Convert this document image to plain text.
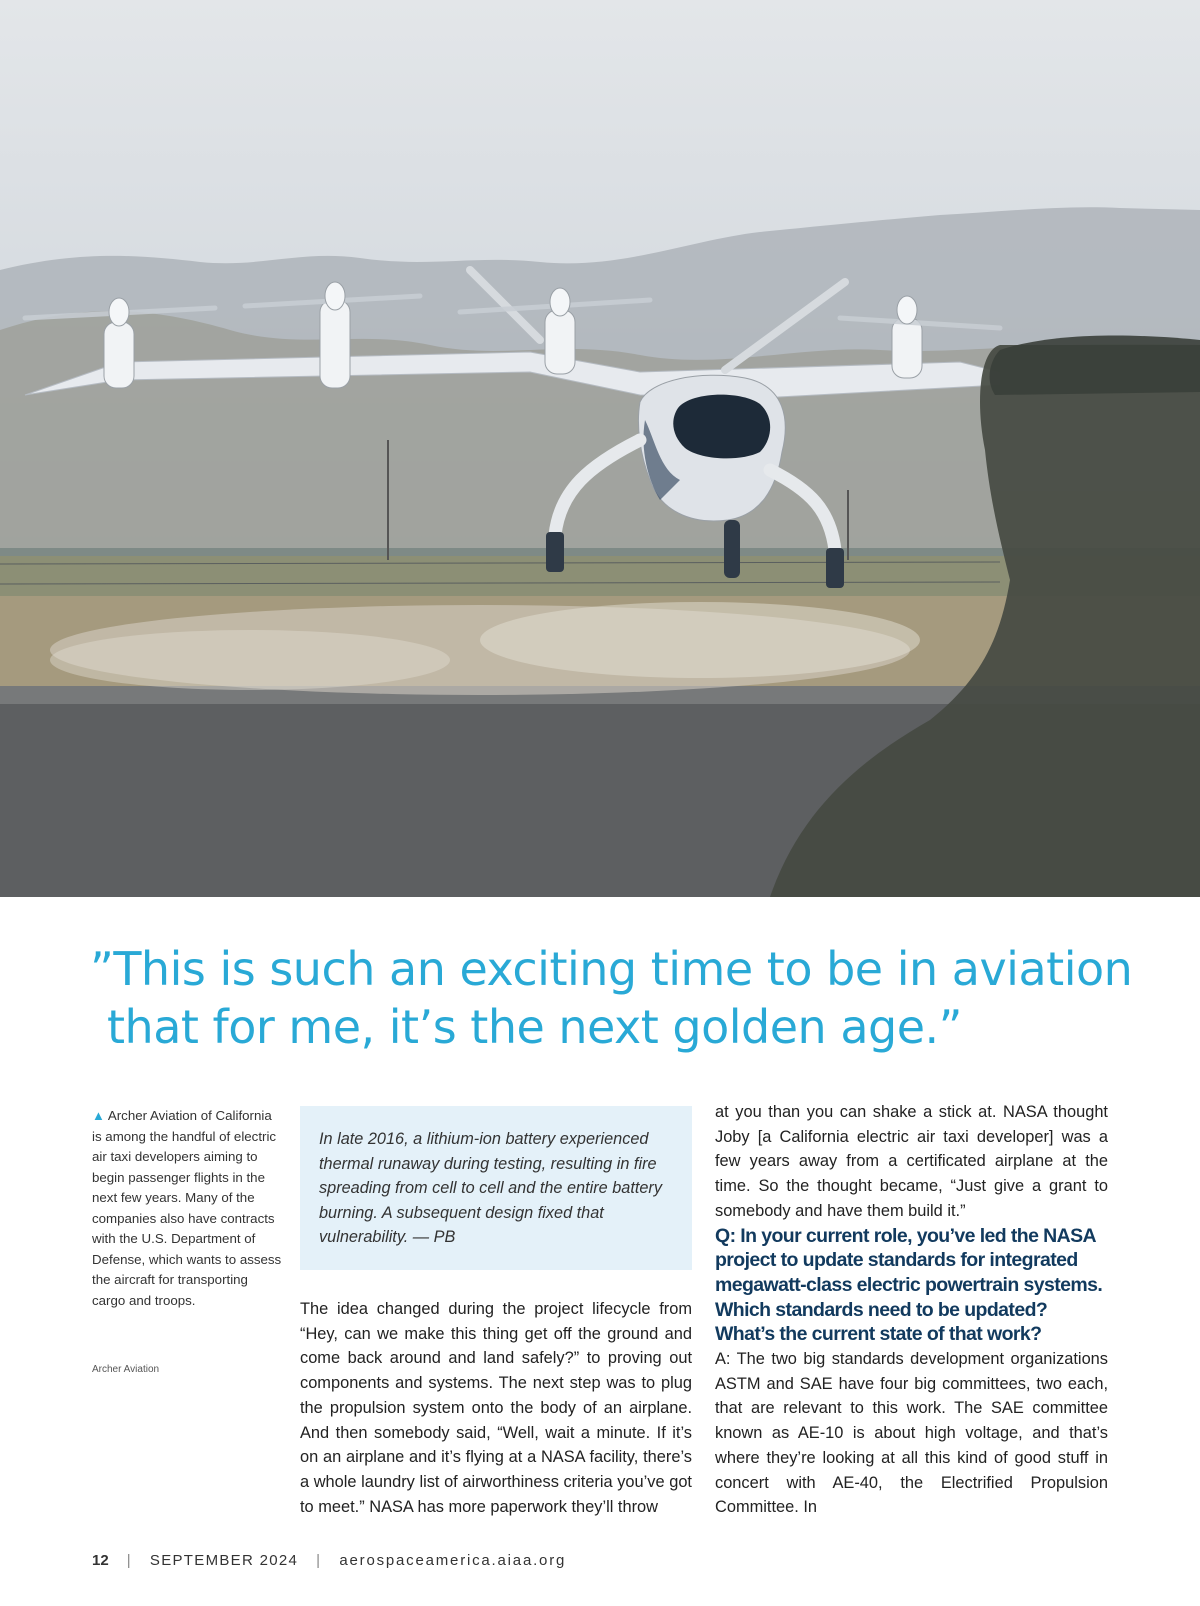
”This is such an exciting time to be in aviation
that for me, it’s the next golden age.”
▲ Archer Aviation of California is among the handful of electric air taxi developers aiming to begin passenger flights in the next few years. Many of the companies also have contracts with the U.S. Department of Defense, which wants to assess the aircraft for transporting cargo and troops.
Archer Aviation

In late 2016, a lithium-ion battery experienced thermal runaway during testing, resulting in fire spreading from cell to cell and the entire battery burning. A subsequent design fixed that vulnerability. — PB

The idea changed during the project lifecycle from “Hey, can we make this thing get off the ground and come back around and land safely?” to proving out components and systems. The next step was to plug the propulsion system onto the body of an airplane. And then somebody said, “Well, wait a minute. If it’s on an airplane and it’s flying at a NASA facility, there’s a whole laundry list of airworthiness criteria you’ve got to meet.” NASA has more paperwork they’ll throw

at you than you can shake a stick at. NASA thought Joby [a California electric air taxi developer] was a few years away from a certificated airplane at the time. So the thought became, “Just give a grant to somebody and have them build it.”

Q: In your current role, you’ve led the NASA project to update standards for integrated megawatt-class electric powertrain systems. Which standards need to be updated? What’s the current state of that work?

A: The two big standards development organizations ASTM and SAE have four big committees, two each, that are relevant to this work. The SAE committee known as AE-10 is about high voltage, and that’s where they’re looking at all this kind of good stuff in concert with AE-40, the Electrified Propulsion Committee. In

12 | SEPTEMBER 2024 | aerospaceamerica.aiaa.org
